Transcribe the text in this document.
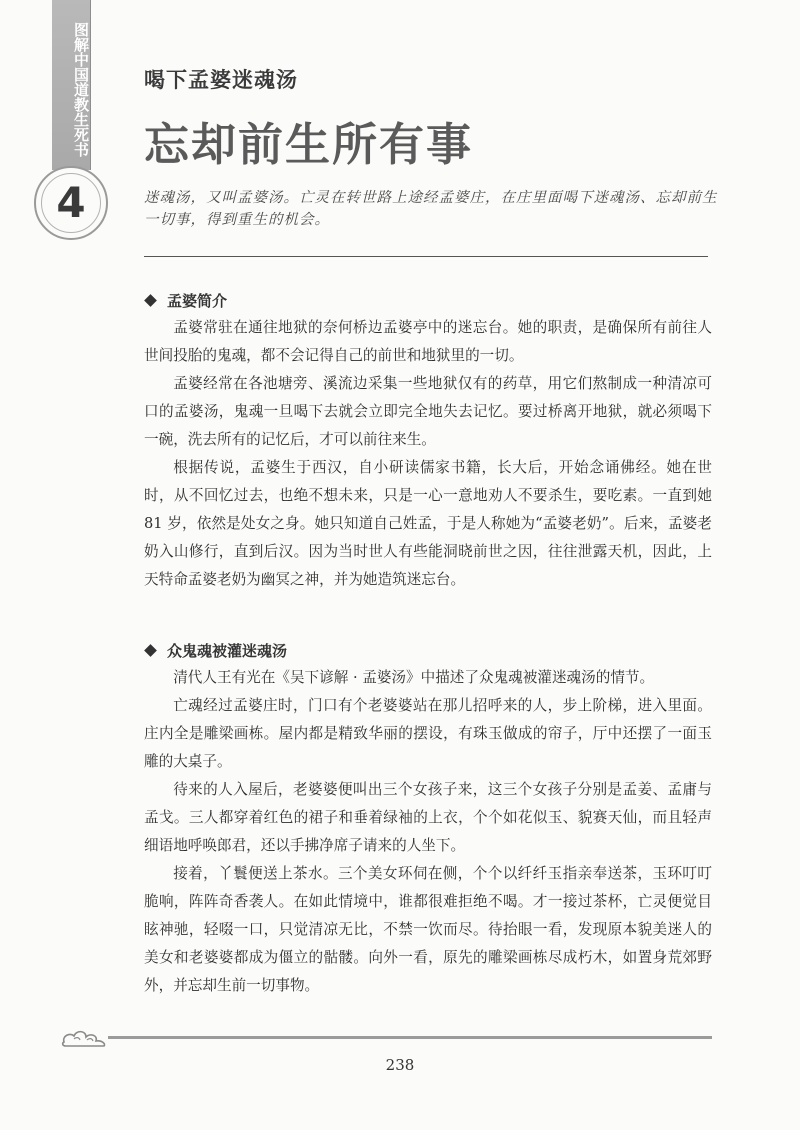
图解中国道教生死书
4
喝下孟婆迷魂汤
忘却前生所有事
迷魂汤，又叫孟婆汤。亡灵在转世路上途经孟婆庄，在庄里面喝下迷魂汤、忘却前生一切事，得到重生的机会。
孟婆简介

孟婆常驻在通往地狱的奈何桥边孟婆亭中的迷忘台。她的职责，是确保所有前往人世间投胎的鬼魂，都不会记得自己的前世和地狱里的一切。

孟婆经常在各池塘旁、溪流边采集一些地狱仅有的药草，用它们熬制成一种清凉可口的孟婆汤，鬼魂一旦喝下去就会立即完全地失去记忆。要过桥离开地狱，就必须喝下一碗，洗去所有的记忆后，才可以前往来生。

根据传说，孟婆生于西汉，自小研读儒家书籍，长大后，开始念诵佛经。她在世时，从不回忆过去，也绝不想未来，只是一心一意地劝人不要杀生，要吃素。一直到她 81 岁，依然是处女之身。她只知道自己姓孟，于是人称她为“孟婆老奶”。后来，孟婆老奶入山修行，直到后汉。因为当时世人有些能洞晓前世之因，往往泄露天机，因此，上天特命孟婆老奶为幽冥之神，并为她造筑迷忘台。

众鬼魂被灌迷魂汤

清代人王有光在《吴下谚解 · 孟婆汤》中描述了众鬼魂被灌迷魂汤的情节。

亡魂经过孟婆庄时，门口有个老婆婆站在那儿招呼来的人，步上阶梯，进入里面。庄内全是雕梁画栋。屋内都是精致华丽的摆设，有珠玉做成的帘子，厅中还摆了一面玉雕的大桌子。

待来的人入屋后，老婆婆便叫出三个女孩子来，这三个女孩子分别是孟姜、孟庸与孟戈。三人都穿着红色的裙子和垂着绿袖的上衣，个个如花似玉、貌赛天仙，而且轻声细语地呼唤郎君，还以手拂净席子请来的人坐下。

接着，丫鬟便送上茶水。三个美女环伺在侧，个个以纤纤玉指亲奉送茶，玉环叮叮脆响，阵阵奇香袭人。在如此情境中，谁都很难拒绝不喝。才一接过茶杯，亡灵便觉目眩神驰，轻啜一口，只觉清凉无比，不禁一饮而尽。待抬眼一看，发现原本貌美迷人的美女和老婆婆都成为僵立的骷髅。向外一看，原先的雕梁画栋尽成朽木，如置身荒郊野外，并忘却生前一切事物。

238
